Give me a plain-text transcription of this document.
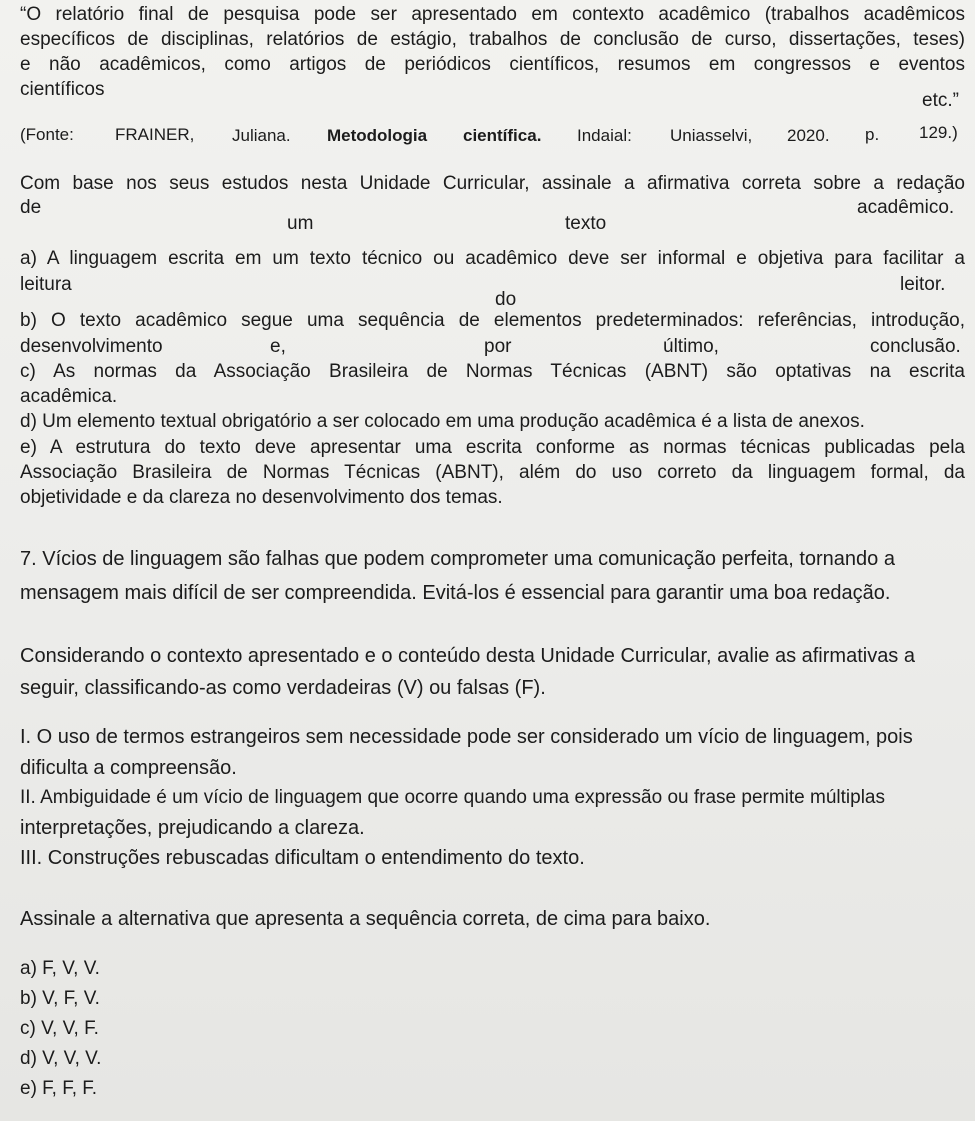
“O relatório final de pesquisa pode ser apresentado em contexto acadêmico (trabalhos acadêmicos
específicos de disciplinas, relatórios de estágio, trabalhos de conclusão de curso, dissertações, teses)
e não acadêmicos, como artigos de periódicos científicos, resumos em congressos e eventos
científicos
etc.”
(Fonte: FRAINER, Juliana. Metodologia científica. Indaial: Uniasselvi, 2020. p. 129.)
Com base nos seus estudos nesta Unidade Curricular, assinale a afirmativa correta sobre a redação
de
um	texto
acadêmico.
a) A linguagem escrita em um texto técnico ou acadêmico deve ser informal e objetiva para facilitar a
leitura
do
leitor.
b) O texto acadêmico segue uma sequência de elementos predeterminados: referências, introdução,
desenvolvimento	e,	por	último,	conclusão.
c) As normas da Associação Brasileira de Normas Técnicas (ABNT) são optativas na escrita
acadêmica.
d) Um elemento textual obrigatório a ser colocado em uma produção acadêmica é a lista de anexos.
e) A estrutura do texto deve apresentar uma escrita conforme as normas técnicas publicadas pela
Associação Brasileira de Normas Técnicas (ABNT), além do uso correto da linguagem formal, da
objetividade e da clareza no desenvolvimento dos temas.
7. Vícios de linguagem são falhas que podem comprometer uma comunicação perfeita, tornando a
mensagem mais difícil de ser compreendida. Evitá-los é essencial para garantir uma boa redação.
Considerando o contexto apresentado e o conteúdo desta Unidade Curricular, avalie as afirmativas a
seguir, classificando-as como verdadeiras (V) ou falsas (F).
I. O uso de termos estrangeiros sem necessidade pode ser considerado um vício de linguagem, pois
dificulta a compreensão.
II. Ambiguidade é um vício de linguagem que ocorre quando uma expressão ou frase permite múltiplas
interpretações, prejudicando a clareza.
III. Construções rebuscadas dificultam o entendimento do texto.
Assinale a alternativa que apresenta a sequência correta, de cima para baixo.
a) F, V, V.
b) V, F, V.
c) V, V, F.
d) V, V, V.
e) F, F, F.
